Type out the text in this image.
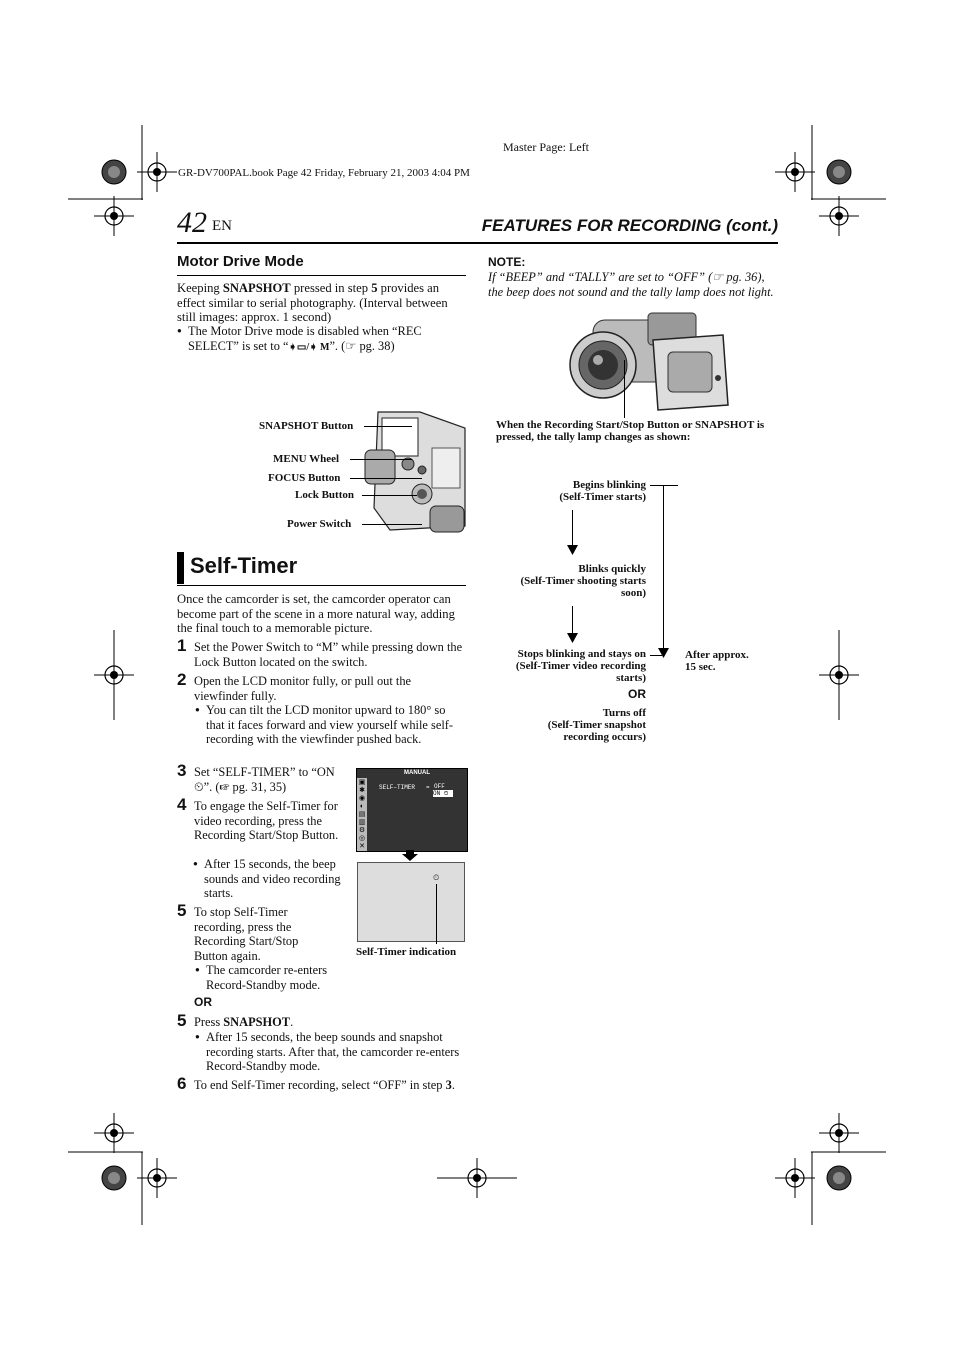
Master Page: Left
GR-DV700PAL.book Page 42 Friday, February 21, 2003 4:04 PM
42 EN	FEATURES FOR RECORDING (cont.)
Motor Drive Mode
Keeping SNAPSHOT pressed in step 5 provides an effect similar to serial photography. (Interval between still images: approx. 1 second)
● The Motor Drive mode is disabled when “REC
SELECT” is set to “➧▭/➧ M”. (☞ pg. 38)
NOTE:
If “BEEP” and “TALLY” are set to “OFF” (☞ pg. 36), the beep does not sound and the tally lamp does not light.
When the Recording Start/Stop Button or SNAPSHOT is pressed, the tally lamp changes as shown:
SNAPSHOT Button
MENU Wheel
FOCUS Button
Lock Button
Power Switch
Begins blinking
(Self-Timer starts)
Blinks quickly
(Self-Timer shooting starts
soon)
Stops blinking and stays on
(Self-Timer video recording
starts)
OR
Turns off
(Self-Timer snapshot
recording occurs)
After approx.
15 sec.
Self-Timer
Once the camcorder is set, the camcorder operator can become part of the scene in a more natural way, adding the final touch to a memorable picture.
1 Set the Power Switch to “M” while pressing down the Lock Button located on the switch.
2 Open the LCD monitor fully, or pull out the viewfinder fully.
● You can tilt the LCD monitor upward to 180° so that it faces forward and view yourself while self-recording with the viewfinder pushed back.
3 Set “SELF-TIMER” to “ON ⏲”. (☞ pg. 31, 35)
4 To engage the Self-Timer for video recording, press the Recording Start/Stop Button.
● After 15 seconds, the beep sounds and video recording starts.
5 To stop Self-Timer recording, press the Recording Start/Stop Button again.
● The camcorder re-enters Record-Standby mode.
OR
5 Press SNAPSHOT.
● After 15 seconds, the beep sounds and snapshot recording starts. After that, the camcorder re-enters Record-Standby mode.
6 To end Self-Timer recording, select “OFF” in step 3.
MANUAL
▣
✱
◉
◐
▤
▥
⚙
◎
✕
SELF–TIMER = OFF
ON ⏲
⏲
Self-Timer indication
